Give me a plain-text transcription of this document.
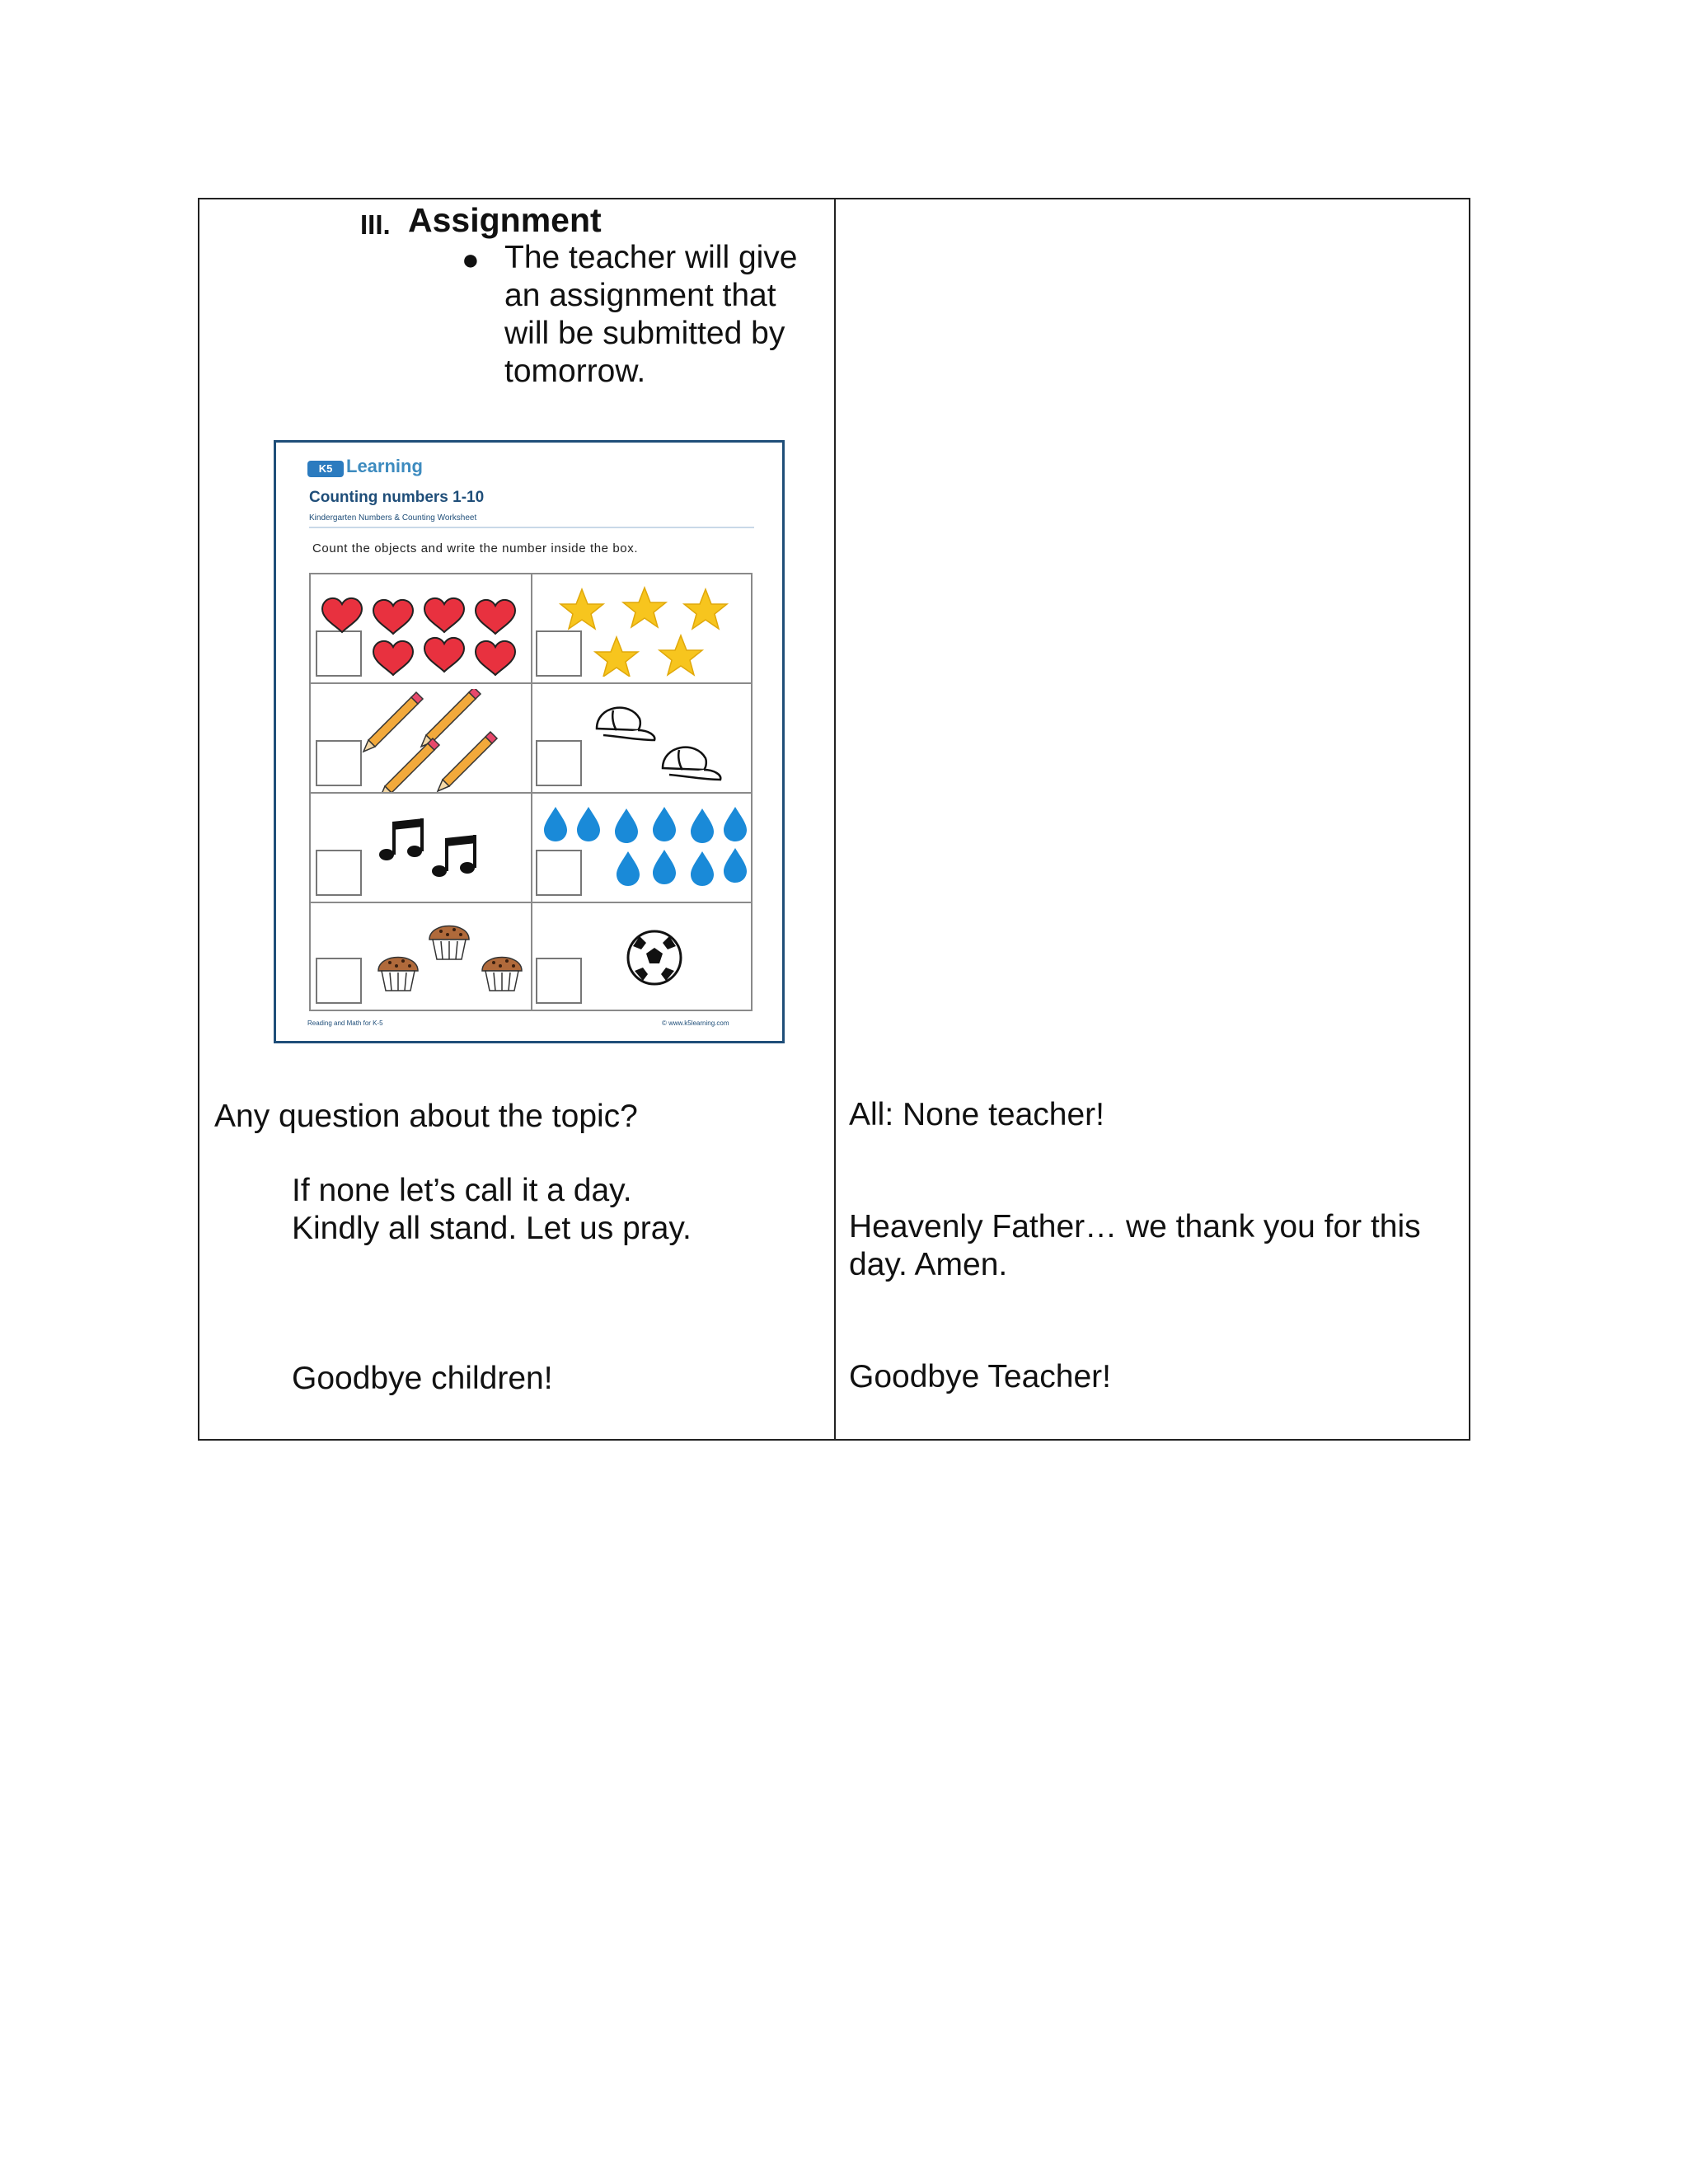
III. Assignment
● The teacher will give
an assignment that
will be submitted by
tomorrow.
K5 Learning
Counting numbers 1-10
Kindergarten Numbers & Counting Worksheet
Count the objects and write the number inside the box.
Reading and Math for K-5	© www.k5learning.com
Any question about the topic?
If none let’s call it a day.
Kindly all stand. Let us pray.
Goodbye children!
All: None teacher!
Heavenly Father… we thank you for this
day. Amen.
Goodbye Teacher!
